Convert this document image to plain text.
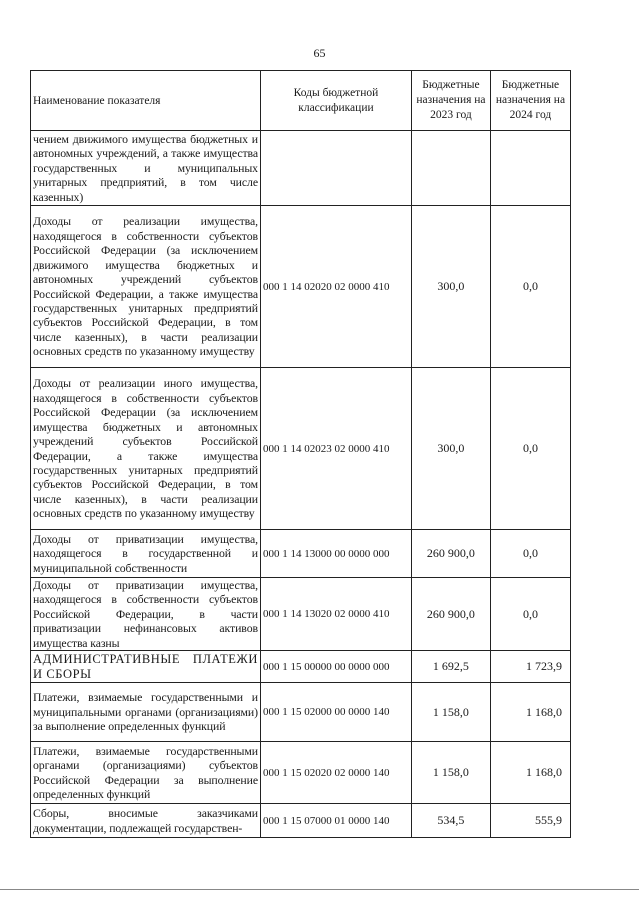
65
Наименование показателя	Коды бюджетной классификации	Бюджетные назначения на 2023 год	Бюджетные назначения на 2024 год
чением движимого имущества бюджетных и автономных учреждений, а также имущества государственных и муниципальных унитарных предприятий, в том числе казенных)			
Доходы от реализации имущества, находящегося в собственности субъектов Российской Федерации (за исключением движимого имущества бюджетных и автономных учреждений субъектов Российской Федерации, а также имущества государственных унитарных предприятий субъектов Российской Федерации, в том числе казенных), в части реализации основных средств по указанному имуществу	000 1 14 02020 02 0000 410	300,0	0,0
Доходы от реализации иного имущества, находящегося в собственности субъектов Российской Федерации (за исключением имущества бюджетных и автономных учреждений субъектов Российской Федерации, а также имущества государственных унитарных предприятий субъектов Российской Федерации, в том числе казенных), в части реализации основных средств по указанному имуществу	000 1 14 02023 02 0000 410	300,0	0,0
Доходы от приватизации имущества, находящегося в государственной и муниципальной собственности	000 1 14 13000 00 0000 000	260 900,0	0,0
Доходы от приватизации имущества, находящегося в собственности субъектов Российской Федерации, в части приватизации нефинансовых активов имущества казны	000 1 14 13020 02 0000 410	260 900,0	0,0
АДМИНИСТРАТИВНЫЕ ПЛАТЕЖИ И СБОРЫ	000 1 15 00000 00 0000 000	1 692,5	1 723,9
Платежи, взимаемые государственными и муниципальными органами (организациями) за выполнение определенных функций	000 1 15 02000 00 0000 140	1 158,0	1 168,0
Платежи, взимаемые государственными органами (организациями) субъектов Российской Федерации за выполнение определенных функций	000 1 15 02020 02 0000 140	1 158,0	1 168,0
Сборы, вносимые заказчиками документации, подлежащей государствен-	000 1 15 07000 01 0000 140	534,5	555,9
